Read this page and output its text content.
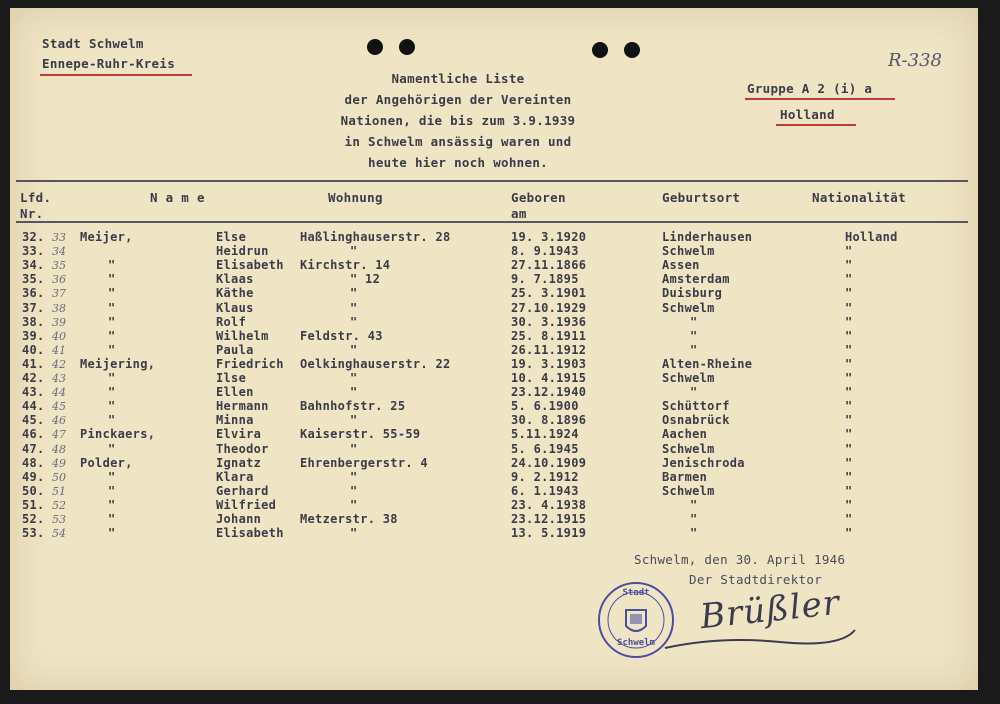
Stadt Schwelm
Ennepe-Ruhr-Kreis
Namentliche Liste
der Angehörigen der Vereinten
Nationen, die bis zum 3.9.1939
in Schwelm ansässig waren und
heute hier noch wohnen.
Gruppe A 2 (i) a
Holland
R-338
Lfd.
Nr.
N a m e	Wohnung	Geboren
am
Geburtsort	Nationalität
32. 33 Meijer,	Else	Haßlinghauserstr. 28	19. 3.1920	Linderhausen	Holland
33. 34	Heidrun	"	8. 9.1943	Schwelm	"
34. 35	"	Elisabeth Kirchstr. 14	27.11.1866	Assen	"
35. 36	"	Klaas	" 12	9. 7.1895	Amsterdam	"
36. 37	"	Käthe	"	25. 3.1901	Duisburg	"
37. 38	"	Klaus	"	27.10.1929	Schwelm	"
38. 39	"	Rolf	"	30. 3.1936	"	"
39. 40	"	Wilhelm	Feldstr. 43	25. 8.1911	"	"
40. 41	"	Paula	"	26.11.1912	"	"
41. 42 Meijering,	Friedrich Oelkinghauserstr. 22	19. 3.1903	Alten-Rheine	"
42. 43	"	Ilse	"	10. 4.1915	Schwelm	"
43. 44	"	Ellen	"	23.12.1940	"	"
44. 45	"	Hermann	Bahnhofstr. 25	5. 6.1900	Schüttorf	"
45. 46	"	Minna	"	30. 8.1896	Osnabrück	"
46. 47 Pinckaers,	Elvira	Kaiserstr. 55-59	5.11.1924	Aachen	"
47. 48	"	Theodor	"	5. 6.1945	Schwelm	"
48. 49 Polder,	Ignatz	Ehrenbergerstr. 4	24.10.1909	Jenischroda	"
49. 50	"	Klara	"	9. 2.1912	Barmen	"
50. 51	"	Gerhard	"	6. 1.1943	Schwelm	"
51. 52	"	Wilfried	"	23. 4.1938	"	"
52. 53	"	Johann	Metzerstr. 38	23.12.1915	"	"
53. 54	"	Elisabeth	"	13. 5.1919	"	"
Schwelm, den 30. April 1946
Der Stadtdirektor
Stadt
Schwelm
Brüßler
